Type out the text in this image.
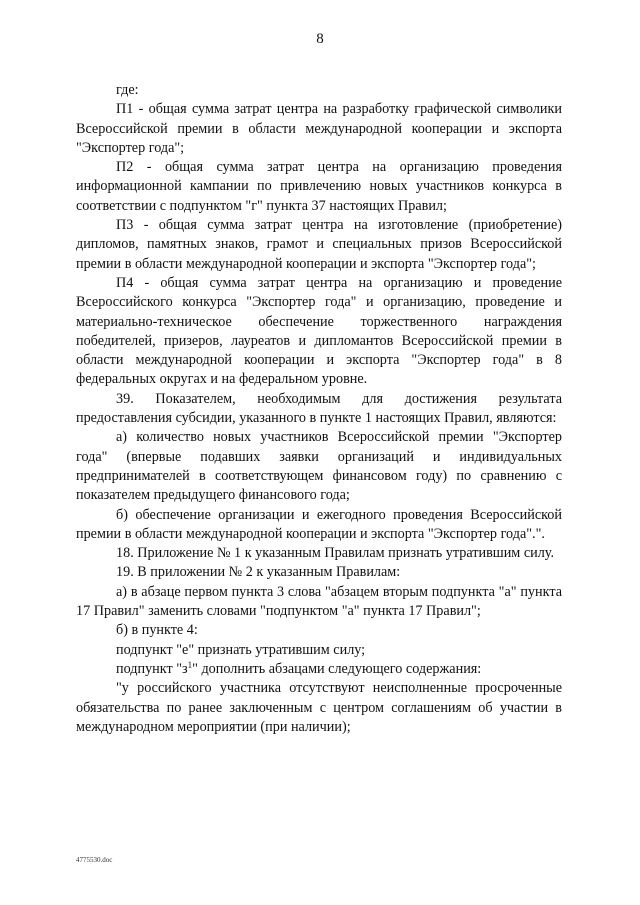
8

где:

П1 - общая сумма затрат центра на разработку графической символики Всероссийской премии в области международной кооперации и экспорта "Экспортер года";

П2 - общая сумма затрат центра на организацию проведения информационной кампании по привлечению новых участников конкурса в соответствии с подпунктом "г" пункта 37 настоящих Правил;

П3 - общая сумма затрат центра на изготовление (приобретение) дипломов, памятных знаков, грамот и специальных призов Всероссийской премии в области международной кооперации и экспорта "Экспортер года";

П4 - общая сумма затрат центра на организацию и проведение Всероссийского конкурса "Экспортер года" и организацию, проведение и материально-техническое обеспечение торжественного награждения победителей, призеров, лауреатов и дипломантов Всероссийской премии в области международной кооперации и экспорта "Экспортер года" в 8 федеральных округах и на федеральном уровне.

39. Показателем, необходимым для достижения результата предоставления субсидии, указанного в пункте 1 настоящих Правил, являются:

а) количество новых участников Всероссийской премии "Экспортер года" (впервые подавших заявки организаций и индивидуальных предпринимателей в соответствующем финансовом году) по сравнению с показателем предыдущего финансового года;

б) обеспечение организации и ежегодного проведения Всероссийской премии в области международной кооперации и экспорта "Экспортер года".".

18. Приложение № 1 к указанным Правилам признать утратившим силу.

19. В приложении № 2 к указанным Правилам:

а) в абзаце первом пункта 3 слова "абзацем вторым подпункта "а" пункта 17 Правил" заменить словами "подпунктом "а" пункта 17 Правил";

б) в пункте 4:

подпункт "е" признать утратившим силу;

подпункт "$з^1$" дополнить абзацами следующего содержания:

"у российского участника отсутствуют неисполненные просроченные обязательства по ранее заключенным с центром соглашениям об участии в международном мероприятии (при наличии);

4775530.doc
